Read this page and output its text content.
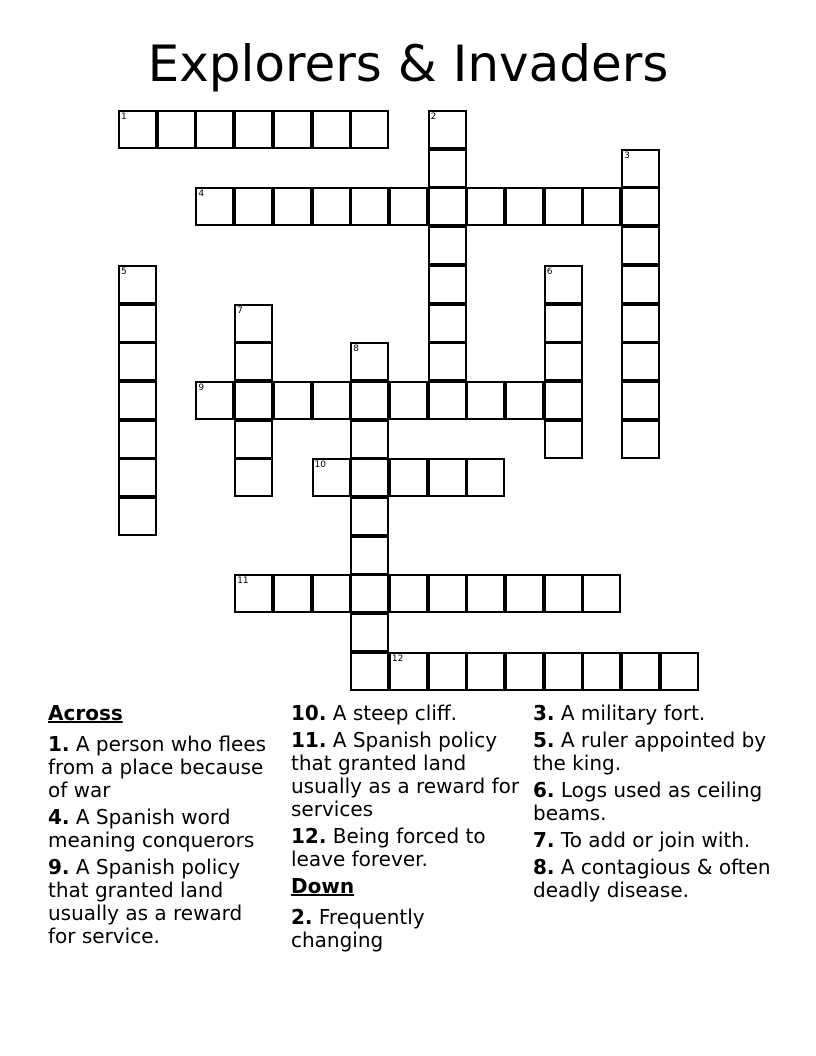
Explorers & Invaders
1
4
9
10
11
12
2
3
5	6
7
8
Across
1. A person who flees from a place because of war
4. A Spanish word meaning conquerors
9. A Spanish policy that granted land usually as a reward for service.
10. A steep cliff.
11. A Spanish policy that granted land usually as a reward for services
12. Being forced to leave forever.
Down
2. Frequently changing
3. A military fort.
5. A ruler appointed by the king.
6. Logs used as ceiling beams.
7. To add or join with.
8. A contagious & often deadly disease.
